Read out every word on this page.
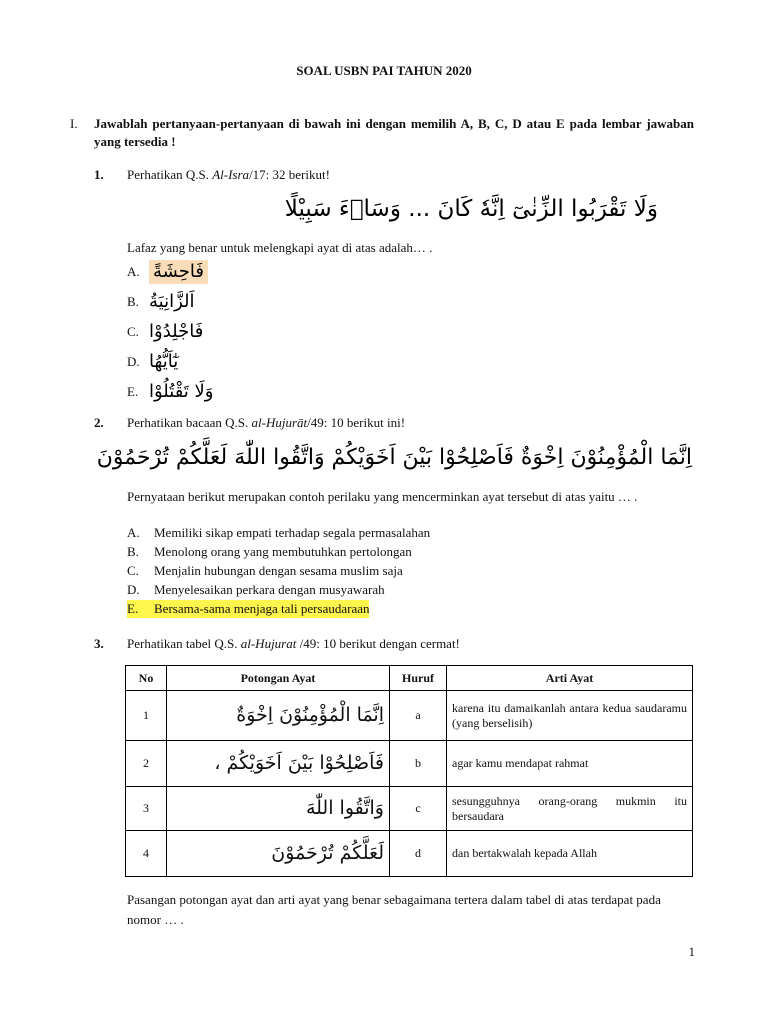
SOAL USBN PAI TAHUN 2020
I. Jawablah pertanyaan-pertanyaan di bawah ini dengan memilih A, B, C, D atau E pada lembar jawaban yang tersedia !
1. Perhatikan Q.S. Al-Isra/17: 32 berikut!
وَلَا تَقْرَبُوا الزِّنٰىٓ اِنَّهٗ كَانَ ... وَسَاۤءَ سَبِيْلًا
Lafaz yang benar untuk melengkapi ayat di atas adalah… .
A. فَاحِشَةً
B. اَلزَّانِيَةُ
C. فَاجْلِدُوْا
D. يٰٓاَيُّهُا
E. وَلَا تَقْتُلُوْا
2. Perhatikan bacaan Q.S. al-Hujurāt/49: 10 berikut ini!
اِنَّمَا الْمُؤْمِنُوْنَ اِخْوَةٌ فَاَصْلِحُوْا بَيْنَ اَخَوَيْكُمْ وَاتَّقُوا اللّٰهَ لَعَلَّكُمْ تُرْحَمُوْنَ
Pernyataan berikut merupakan contoh perilaku yang mencerminkan ayat tersebut di atas yaitu … .
A. Memiliki sikap empati terhadap segala permasalahan
B. Menolong orang yang membutuhkan pertolongan
C. Menjalin hubungan dengan sesama muslim saja
D. Menyelesaikan perkara dengan musyawarah
E. Bersama-sama menjaga tali persaudaraan
3. Perhatikan tabel Q.S. al-Hujurat /49: 10 berikut dengan cermat!
No	Potongan Ayat	Huruf	Arti Ayat
1	اِنَّمَا الْمُؤْمِنُوْنَ اِخْوَةٌ	a	karena itu damaikanlah antara kedua saudaramu (yang berselisih)
2	فَاَصْلِحُوْا بَيْنَ اَخَوَيْكُمْ ،	b	agar kamu mendapat rahmat
3	وَاتَّقُوا اللّٰهَ	c	sesungguhnya orang-orang mukmin itu bersaudara
4	لَعَلَّكُمْ تُرْحَمُوْنَ	d	dan bertakwalah kepada Allah
Pasangan potongan ayat dan arti ayat yang benar sebagaimana tertera dalam tabel di atas terdapat pada nomor … .
1
